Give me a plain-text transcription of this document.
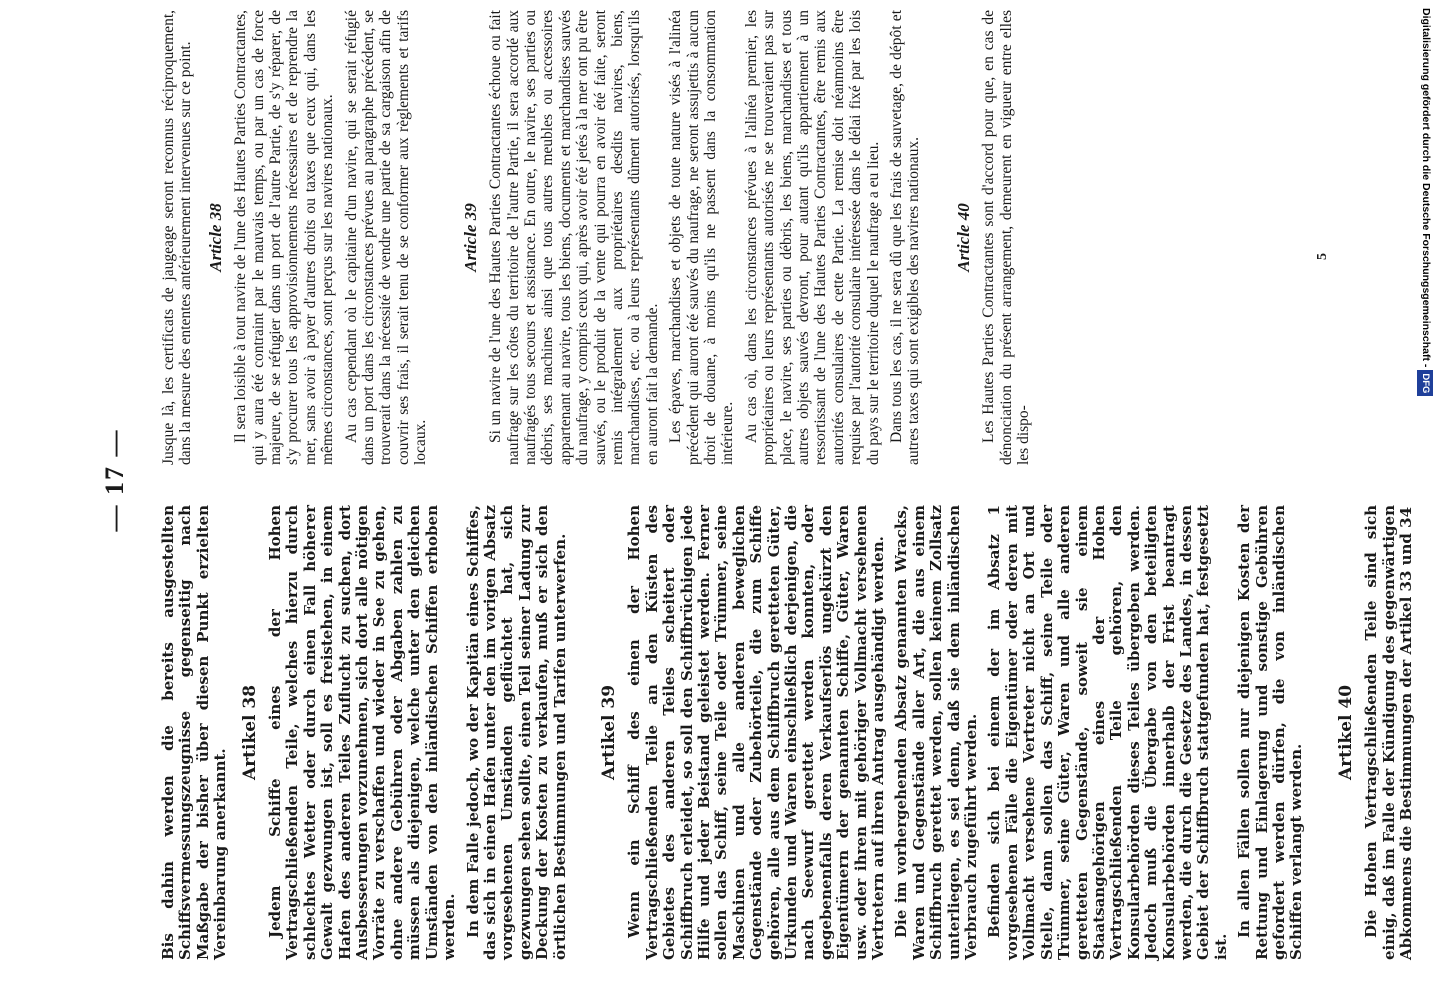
— 17 —

Bis dahin werden die bereits ausgestellten Schiffsvermessungszeugnisse gegenseitig nach Maßgabe der bisher über diesen Punkt erzielten Vereinbarung anerkannt.

Artikel 38 Jedem Schiffe eines der Hohen Vertragschließenden Teile, welches hierzu durch schlechtes Wetter oder durch einen Fall höherer Gewalt gezwungen ist, soll es freistehen, in einem Hafen des anderen Teiles Zuflucht zu suchen, dort Ausbesserungen vorzunehmen, sich dort alle nötigen Vorräte zu verschaffen und wieder in See zu gehen, ohne andere Gebühren oder Abgaben zahlen zu müssen als diejenigen, welche unter den gleichen Umständen von den inländischen Schiffen erhoben werden. In dem Falle jedoch, wo der Kapitän eines Schiffes, das sich in einen Hafen unter den im vorigen Absatz vorgesehenen Umständen geflüchtet hat, sich gezwungen sehen sollte, einen Teil seiner Ladung zur Deckung der Kosten zu verkaufen, muß er sich den örtlichen Bestimmungen und Tarifen unterwerfen. Artikel 39 Wenn ein Schiff des einen der Hohen Vertragschließenden Teile an den Küsten des Gebietes des anderen Teiles scheitert oder Schiffbruch erleidet, so soll den Schiffbrüchigen jede Hilfe und jeder Beistand geleistet werden. Ferner sollen das Schiff, seine Teile oder Trümmer, seine Maschinen und alle anderen beweglichen Gegenstände oder Zubehörteile, die zum Schiffe gehören, alle aus dem Schiffbruch geretteten Güter, Urkunden und Waren einschließlich derjenigen, die nach Seewurf gerettet werden konnten, oder gegebenenfalls deren Verkaufserlös ungekürzt den Eigentümern der genannten Schiffe, Güter, Waren usw. oder ihren mit gehöriger Vollmacht versehenen Vertretern auf ihren Antrag ausgehändigt werden. Die im vorhergehenden Absatz genannten Wracks, Waren und Gegenstände aller Art, die aus einem Schiffbruch gerettet werden, sollen keinem Zollsatz unterliegen, es sei denn, daß sie dem inländischen Verbrauch zugeführt werden. Befinden sich bei einem der im Absatz 1 vorgesehenen Fälle die Eigentümer oder deren mit Vollmacht versehene Vertreter nicht an Ort und Stelle, dann sollen das Schiff, seine Teile oder Trümmer, seine Güter, Waren und alle anderen geretteten Gegenstände, soweit sie einem Staatsangehörigen eines der Hohen Vertragschließenden Teile gehören, den Konsularbehörden dieses Teiles übergeben werden. Jedoch muß die Übergabe von den beteiligten Konsularbehörden innerhalb der Frist beantragt werden, die durch die Gesetze des Landes, in dessen Gebiet der Schiffbruch stattgefunden hat, festgesetzt ist.

In allen Fällen sollen nur diejenigen Kosten der Rettung und Einlagerung und sonstige Gebühren gefordert werden dürfen, die von inländischen Schiffen verlangt werden.

Artikel 40 Die Hohen Vertragschließenden Teile sind sich einig, daß im Falle der Kündigung des gegenwärtigen Abkommens die Bestimmungen der Artikel 33 und 34

Jusque là, les certificats de jaugeage seront reconnus réciproquement, dans la mesure des ententes antérieurement intervenues sur ce point. Article 38 Il sera loisible à tout navire de l'une des Hautes Parties Contractantes, qui y aura été contraint par le mauvais temps, ou par un cas de force majeure, de se réfugier dans un port de l'autre Partie, de s'y réparer, de s'y procurer tous les approvisionnements nécessaires et de reprendre la mer, sans avoir à payer d'autres droits ou taxes que ceux qui, dans les mêmes circonstances, sont perçus sur les navires nationaux. Au cas cependant où le capitaine d'un navire, qui se serait réfugié dans un port dans les circonstances prévues au paragraphe précédent, se trouverait dans la nécessité de vendre une partie de sa cargaison afin de couvrir ses frais, il serait tenu de se conformer aux règlements et tarifs locaux.

Article 39 Si un navire de l'une des Hautes Parties Contractantes échoue ou fait naufrage sur les côtes du territoire de l'autre Partie, il sera accordé aux naufragés tous secours et assistance. En outre, le navire, ses parties ou débris, ses machines ainsi que tous autres meubles ou accessoires appartenant au navire, tous les biens, documents et marchandises sauvés du naufrage, y compris ceux qui, après avoir été jetés à la mer ont pu être sauvés, ou le produit de la vente qui pourra en avoir été faite, seront remis intégralement aux propriétaires desdits navires, biens, marchandises, etc. ou à leurs représentants dûment autorisés, lorsqu'ils en auront fait la demande. Les épaves, marchandises et objets de toute nature visés à l'alinéa précédent qui auront été sauvés du naufrage, ne seront assujettis à aucun droit de douane, à moins qu'ils ne passent dans la consommation intérieure. Au cas où, dans les circonstances prévues à l'alinéa premier, les propriétaires ou leurs représentants autorisés ne se trouveraient pas sur place, le navire, ses parties ou débris, les biens, marchandises et tous autres objets sauvés devront, pour autant qu'ils appartiennent à un ressortissant de l'une des Hautes Parties Contractantes, être remis aux autorités consulaires de cette Partie. La remise doit néanmoins être requise par l'autorité consulaire intéressée dans le délai fixé par les lois du pays sur le territoire duquel le naufrage a eu lieu. Dans tous les cas, il ne sera dû que les frais de sauvetage, de dépôt et autres taxes qui sont exigibles des navires nationaux. Article 40 Les Hautes Parties Contractantes sont d'accord pour que, en cas de dénonciation du présent arrangement, demeurent en vigueur entre elles les dispo-

5	Digitalisierung gefördert durch die Deutsche Forschungsgemeinschaft -DFG
